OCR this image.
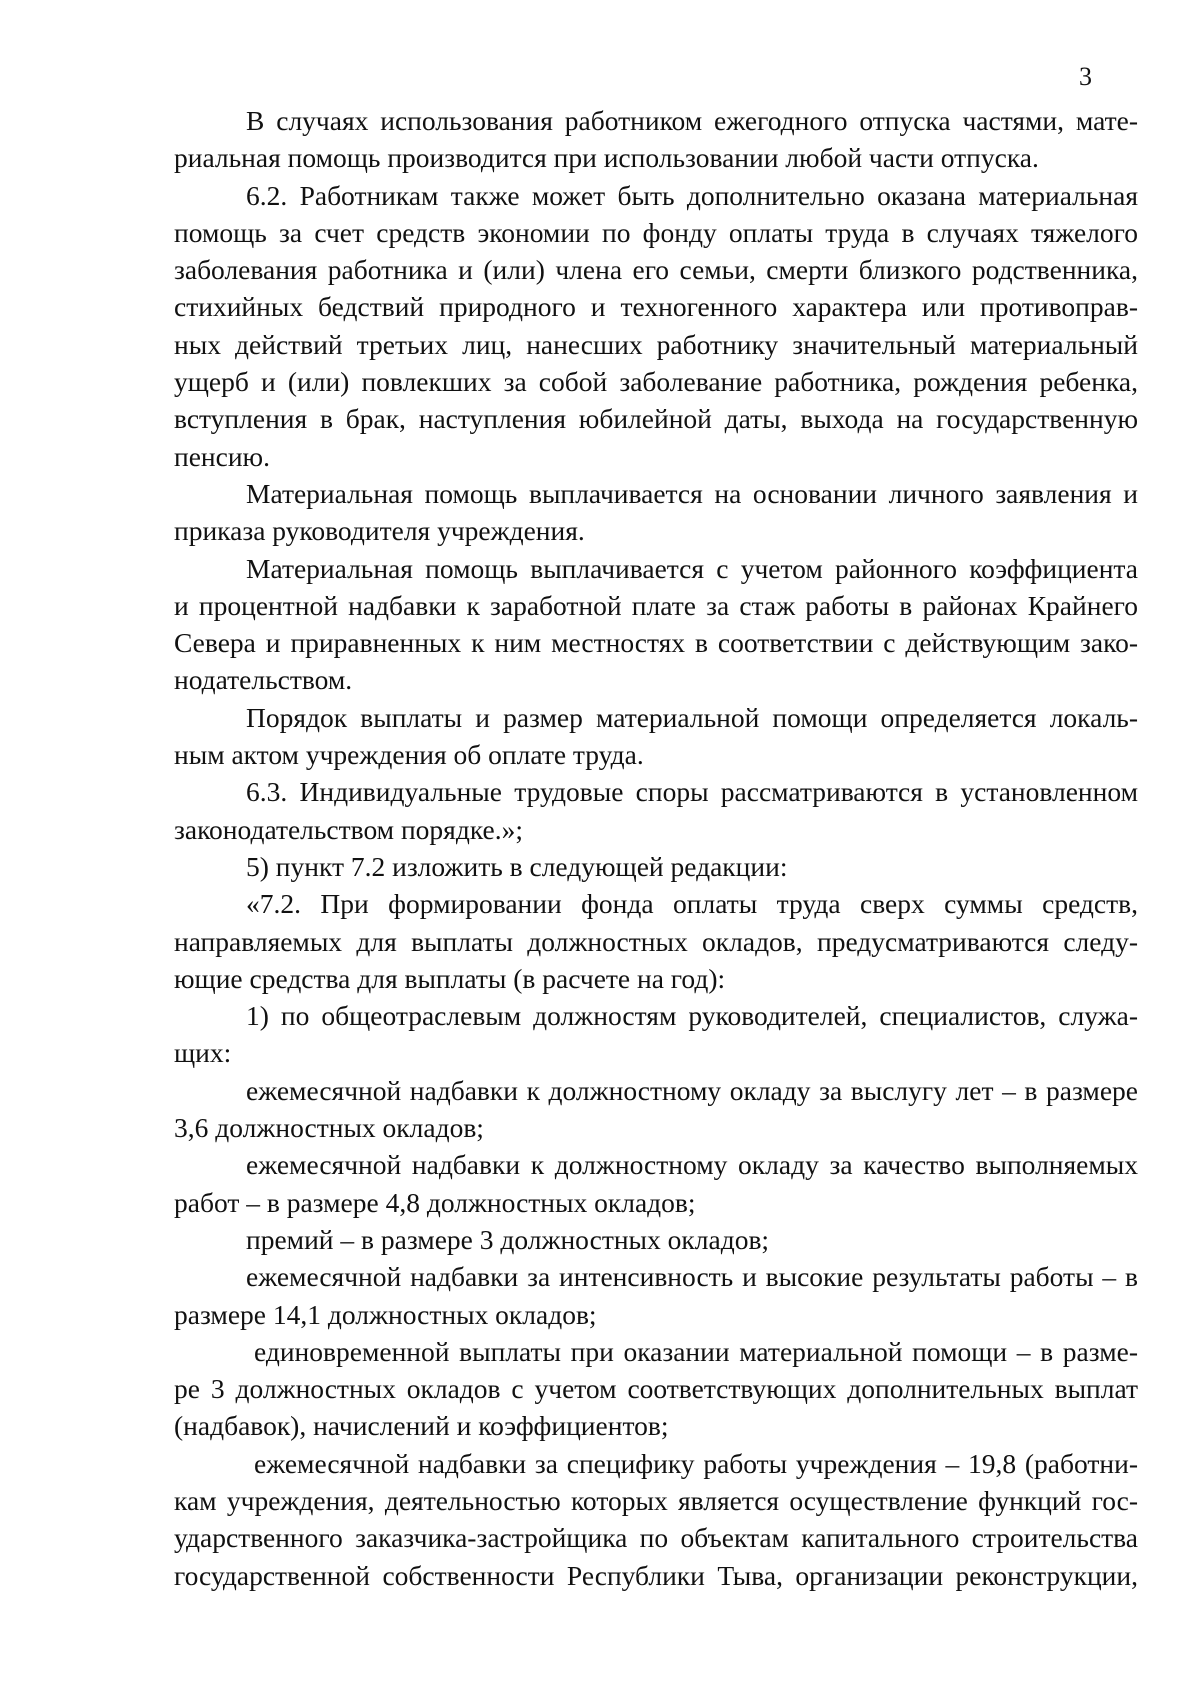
3
В случаях использования работником ежегодного отпуска частями, мате-
риальная помощь производится при использовании любой части отпуска.
6.2. Работникам также может быть дополнительно оказана материальная
помощь за счет средств экономии по фонду оплаты труда в случаях тяжелого
заболевания работника и (или) члена его семьи, смерти близкого родственника,
стихийных бедствий природного и техногенного характера или противоправ-
ных действий третьих лиц, нанесших работнику значительный материальный
ущерб и (или) повлекших за собой заболевание работника, рождения ребенка,
вступления в брак, наступления юбилейной даты, выхода на государственную
пенсию.
Материальная помощь выплачивается на основании личного заявления и
приказа руководителя учреждения.
Материальная помощь выплачивается с учетом районного коэффициента
и процентной надбавки к заработной плате за стаж работы в районах Крайнего
Севера и приравненных к ним местностях в соответствии с действующим зако-
нодательством.
Порядок выплаты и размер материальной помощи определяется локаль-
ным актом учреждения об оплате труда.
6.3. Индивидуальные трудовые споры рассматриваются в установленном
законодательством порядке.»;
5) пункт 7.2 изложить в следующей редакции:
«7.2. При формировании фонда оплаты труда сверх суммы средств,
направляемых для выплаты должностных окладов, предусматриваются следу-
ющие средства для выплаты (в расчете на год):
1) по общеотраслевым должностям руководителей, специалистов, служа-
щих:
ежемесячной надбавки к должностному окладу за выслугу лет – в размере
3,6 должностных окладов;
ежемесячной надбавки к должностному окладу за качество выполняемых
работ – в размере 4,8 должностных окладов;
премий – в размере 3 должностных окладов;
ежемесячной надбавки за интенсивность и высокие результаты работы – в
размере 14,1 должностных окладов;
единовременной выплаты при оказании материальной помощи – в разме-
ре 3 должностных окладов с учетом соответствующих дополнительных выплат
(надбавок), начислений и коэффициентов;
ежемесячной надбавки за специфику работы учреждения – 19,8 (работни-
кам учреждения, деятельностью которых является осуществление функций гос-
ударственного заказчика-застройщика по объектам капитального строительства
государственной собственности Республики Тыва, организации реконструкции,
